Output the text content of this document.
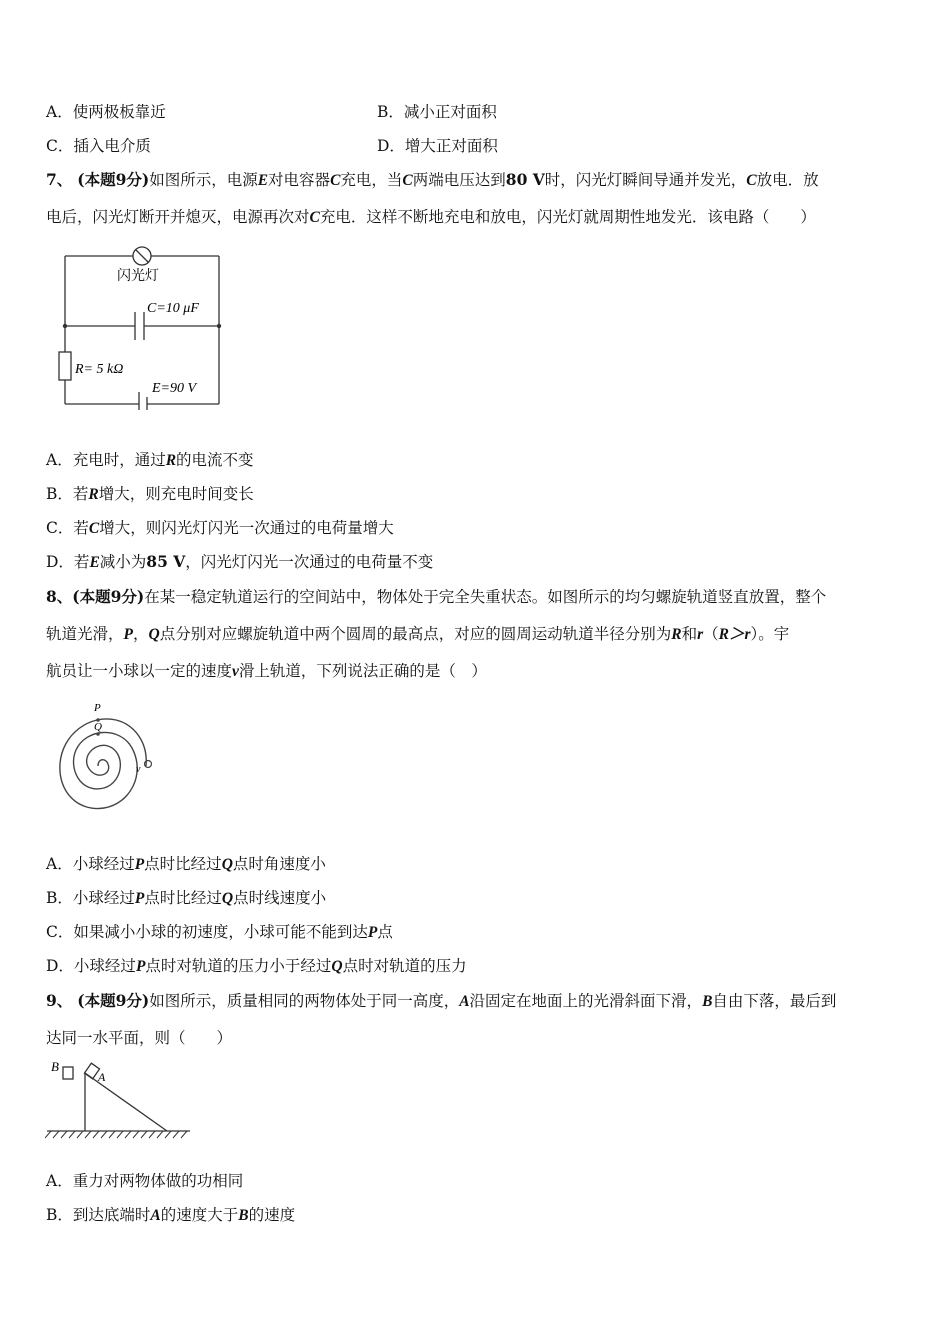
A．使两极板靠近	B．减小正对面积
C．插入电介质	D．增大正对面积
7、 (本题9分)如图所示，电源E对电容器C充电，当C两端电压达到80 V时，闪光灯瞬间导通并发光，C放电．放
电后，闪光灯断开并熄灭，电源再次对C充电．这样不断地充电和放电，闪光灯就周期性地发光．该电路（　　）
闪光灯
C=10 μF
R= 5 kΩ
E=90 V
A．充电时，通过R的电流不变
B．若R增大，则充电时间变长
C．若C增大，则闪光灯闪光一次通过的电荷量增大
D．若E减小为85 V，闪光灯闪光一次通过的电荷量不变
8、(本题9分)在某一稳定轨道运行的空间站中，物体处于完全失重状态。如图所示的均匀螺旋轨道竖直放置，整个
轨道光滑，P，Q点分别对应螺旋轨道中两个圆周的最高点，对应的圆周运动轨道半径分别为R和r（R＞r）。宇
航员让一小球以一定的速度v滑上轨道，下列说法正确的是（　）
P
Q
v
A．小球经过P点时比经过Q点时角速度小
B．小球经过P点时比经过Q点时线速度小
C．如果减小小球的初速度，小球可能不能到达P点
D．小球经过P点时对轨道的压力小于经过Q点时对轨道的压力
9、 (本题9分)如图所示，质量相同的两物体处于同一高度，A沿固定在地面上的光滑斜面下滑，B自由下落，最后到
达同一水平面，则（　　）
B
A
A．重力对两物体做的功相同
B．到达底端时A的速度大于B的速度
